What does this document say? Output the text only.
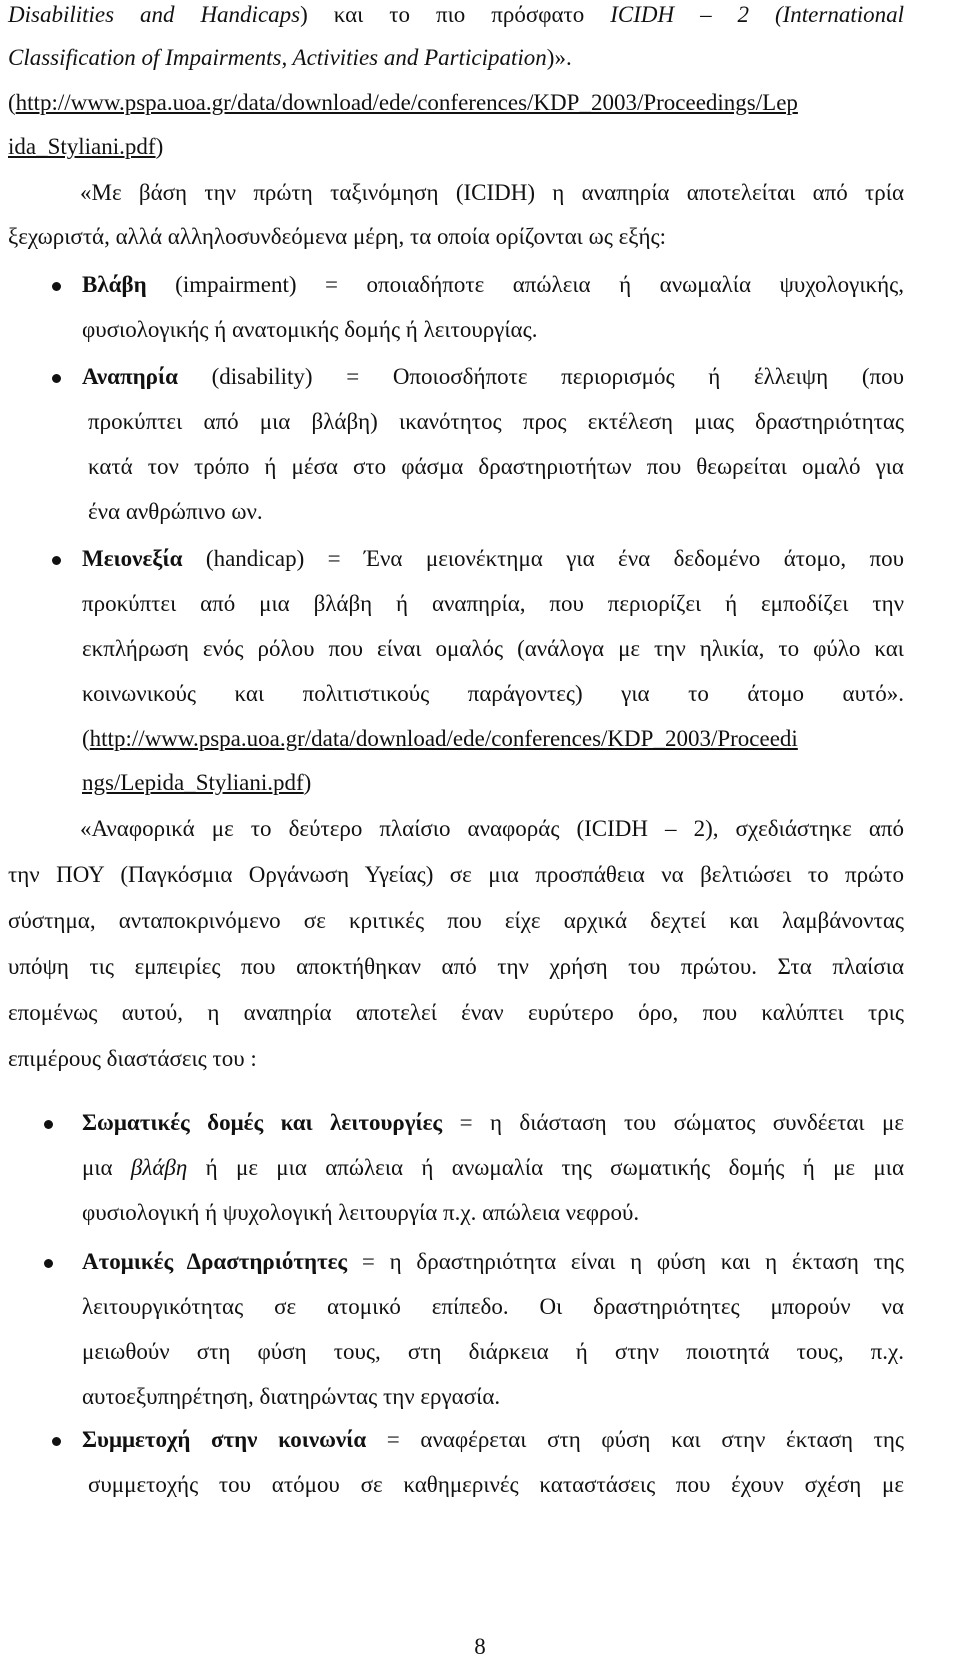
Disabilities and Handicaps) και το πιο πρόσφατο ICIDH – 2 (International
Classification of Impairments, Activities and Participation)».
(http://www.pspa.uoa.gr/data/download/ede/conferences/KDP_2003/Proceedings/Lep
ida_Styliani.pdf)
«Με βάση την πρώτη ταξινόμηση (ICIDH) η αναπηρία αποτελείται από τρία
ξεχωριστά, αλλά αλληλοσυνδεόμενα μέρη, τα οποία ορίζονται ως εξής:
Βλάβη (impairment) = οποιαδήποτε απώλεια ή ανωμαλία ψυχολογικής,
φυσιολογικής ή ανατομικής δομής ή λειτουργίας.
Αναπηρία (disability) = Οποιοσδήποτε περιορισμός ή έλλειψη (που
προκύπτει από μια βλάβη) ικανότητος προς εκτέλεση μιας δραστηριότητας
κατά τον τρόπο ή μέσα στο φάσμα δραστηριοτήτων που θεωρείται ομαλό για
ένα ανθρώπινο ων.
Μειονεξία (handicap) = Ένα μειονέκτημα για ένα δεδομένο άτομο, που
προκύπτει από μια βλάβη ή αναπηρία, που περιορίζει ή εμποδίζει την
εκπλήρωση ενός ρόλου που είναι ομαλός (ανάλογα με την ηλικία, το φύλο και
κοινωνικούς και πολιτιστικούς παράγοντες) για το άτομο αυτό».
(http://www.pspa.uoa.gr/data/download/ede/conferences/KDP_2003/Proceedi
ngs/Lepida_Styliani.pdf)
«Αναφορικά με το δεύτερο πλαίσιο αναφοράς (ICIDH – 2), σχεδιάστηκε από
την ΠΟΥ (Παγκόσμια Οργάνωση Υγείας) σε μια προσπάθεια να βελτιώσει το πρώτο
σύστημα, ανταποκρινόμενο σε κριτικές που είχε αρχικά δεχτεί και λαμβάνοντας
υπόψη τις εμπειρίες που αποκτήθηκαν από την χρήση του πρώτου. Στα πλαίσια
επομένως αυτού, η αναπηρία αποτελεί έναν ευρύτερο όρο, που καλύπτει τρις
επιμέρους διαστάσεις του :
Σωματικές δομές και λειτουργίες = η διάσταση του σώματος συνδέεται με
μια βλάβη ή με μια απώλεια ή ανωμαλία της σωματικής δομής ή με μια
φυσιολογική ή ψυχολογική λειτουργία π.χ. απώλεια νεφρού.
Ατομικές Δραστηριότητες = η δραστηριότητα είναι η φύση και η έκταση της
λειτουργικότητας σε ατομικό επίπεδο. Οι δραστηριότητες μπορούν να
μειωθούν στη φύση τους, στη διάρκεια ή στην ποιοτητά τους, π.χ.
αυτοεξυπηρέτηση, διατηρώντας την εργασία.
Συμμετοχή στην κοινωνία = αναφέρεται στη φύση και στην έκταση της
συμμετοχής του ατόμου σε καθημερινές καταστάσεις που έχουν σχέση με
8
